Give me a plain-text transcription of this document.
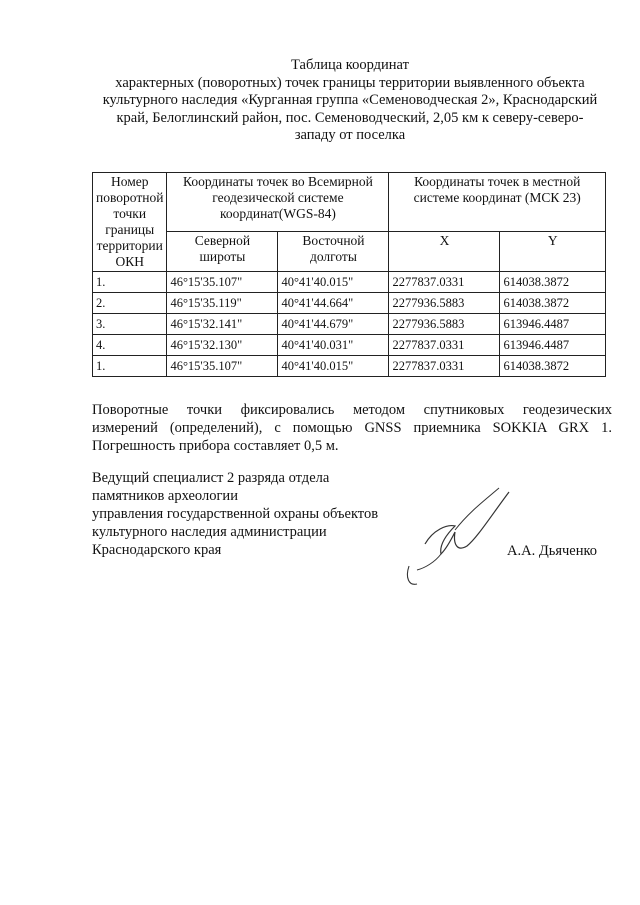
Таблица координат
характерных (поворотных) точек границы территории выявленного объекта
культурного наследия «Курганная группа «Семеноводческая 2», Краснодарский
край, Белоглинский район, пос. Семеноводческий, 2,05 км к северу-северо-
западу от поселка
Номер поворотной точки границы территории ОКН	Координаты точек во Всемирной геодезической системе координат(WGS-84)		Координаты точек в местной системе координат (МСК 23)	
	Северной широты	Восточной долготы	X	Y
1.	46°15'35.107"	40°41'40.015"	2277837.0331	614038.3872
2.	46°15'35.119"	40°41'44.664"	2277936.5883	614038.3872
3.	46°15'32.141"	40°41'44.679"	2277936.5883	613946.4487
4.	46°15'32.130"	40°41'40.031"	2277837.0331	613946.4487
1.	46°15'35.107"	40°41'40.015"	2277837.0331	614038.3872
Поворотные точки фиксировались методом спутниковых геодезических
измерений (определений), с помощью GNSS приемника SOKKIA GRX 1.
Погрешность прибора составляет 0,5 м.
Ведущий специалист 2 разряда отдела
памятников археологии
управления государственной охраны объектов
культурного наследия администрации
Краснодарского края	А.А. Дьяченко
